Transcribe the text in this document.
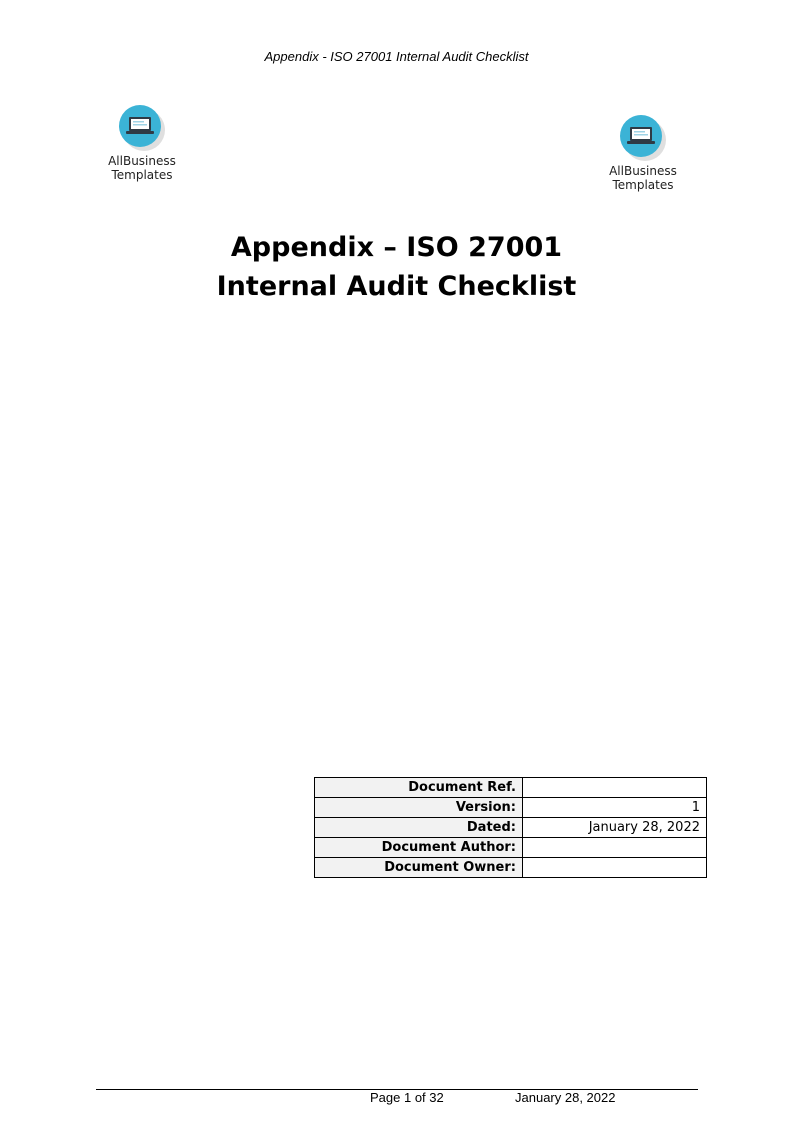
Appendix - ISO 27001 Internal Audit Checklist
AllBusiness
Templates	AllBusiness
Templates
Appendix – ISO 27001
Internal Audit Checklist
Document Ref.	
Version:	1
Dated:	January 28, 2022
Document Author:	
Document Owner:	
Page 1 of 32	January 28, 2022
